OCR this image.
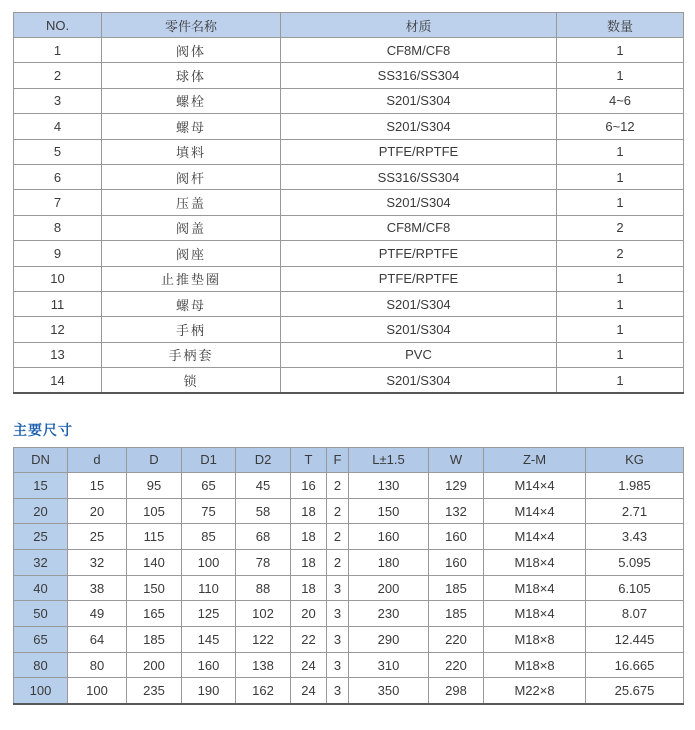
NO.	零件名称	材质	数量
1	阀体	CF8M/CF8	1
2	球体	SS316/SS304	1
3	螺栓	S201/S304	4~6
4	螺母	S201/S304	6~12
5	填料	PTFE/RPTFE	1
6	阀杆	SS316/SS304	1
7	压盖	S201/S304	1
8	阀盖	CF8M/CF8	2
9	阀座	PTFE/RPTFE	2
10	止推垫圈	PTFE/RPTFE	1
11	螺母	S201/S304	1
12	手柄	S201/S304	1
13	手柄套	PVC	1
14	锁	S201/S304	1
主要尺寸
DN	d	D	D1	D2	T	F	L±1.5	W	Z-M	KG
15	15	95	65	45	16	2	130	129	M14×4	1.985
20	20	105	75	58	18	2	150	132	M14×4	2.71
25	25	115	85	68	18	2	160	160	M14×4	3.43
32	32	140	100	78	18	2	180	160	M18×4	5.095
40	38	150	110	88	18	3	200	185	M18×4	6.105
50	49	165	125	102	20	3	230	185	M18×4	8.07
65	64	185	145	122	22	3	290	220	M18×8	12.445
80	80	200	160	138	24	3	310	220	M18×8	16.665
100	100	235	190	162	24	3	350	298	M22×8	25.675
